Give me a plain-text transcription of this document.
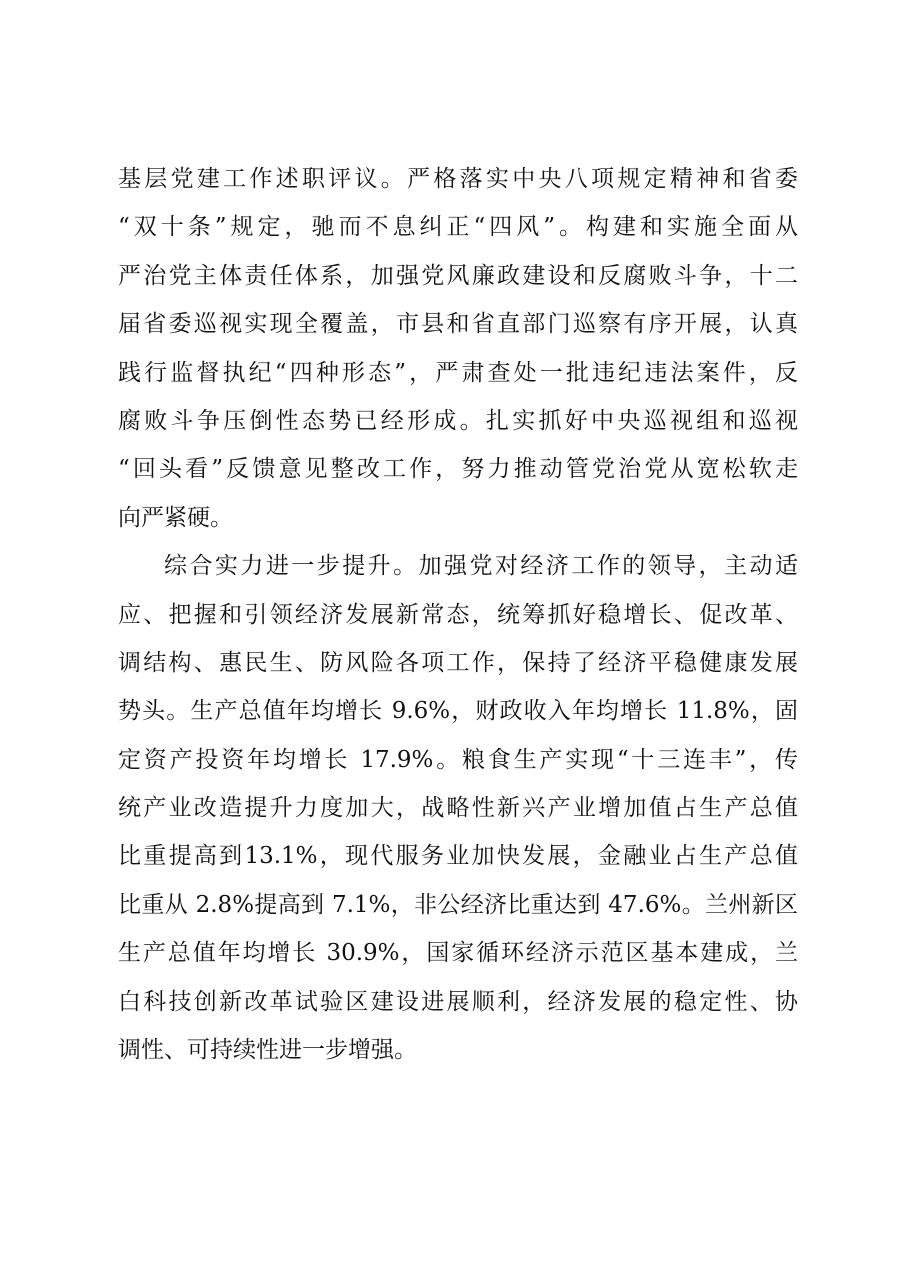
基层党建工作述职评议。严格落实中央八项规定精神和省委
“双十条”规定，驰而不息纠正“四风”。构建和实施全面从
严治党主体责任体系，加强党风廉政建设和反腐败斗争，十二
届省委巡视实现全覆盖，市县和省直部门巡察有序开展，认真
践行监督执纪“四种形态”，严肃查处一批违纪违法案件，反
腐败斗争压倒性态势已经形成。扎实抓好中央巡视组和巡视
“回头看”反馈意见整改工作，努力推动管党治党从宽松软走
向严紧硬。
综合实力进一步提升。加强党对经济工作的领导，主动适
应、把握和引领经济发展新常态，统筹抓好稳增长、促改革、
调结构、惠民生、防风险各项工作，保持了经济平稳健康发展
势头。生产总值年均增长 9.6%，财政收入年均增长 11.8%，固
定资产投资年均增长 17.9%。粮食生产实现“十三连丰”，传
统产业改造提升力度加大，战略性新兴产业增加值占生产总值
比重提高到13.1%，现代服务业加快发展，金融业占生产总值
比重从 2.8%提高到 7.1%，非公经济比重达到 47.6%。兰州新区
生产总值年均增长 30.9%，国家循环经济示范区基本建成，兰
白科技创新改革试验区建设进展顺利，经济发展的稳定性、协
调性、可持续性进一步增强。
